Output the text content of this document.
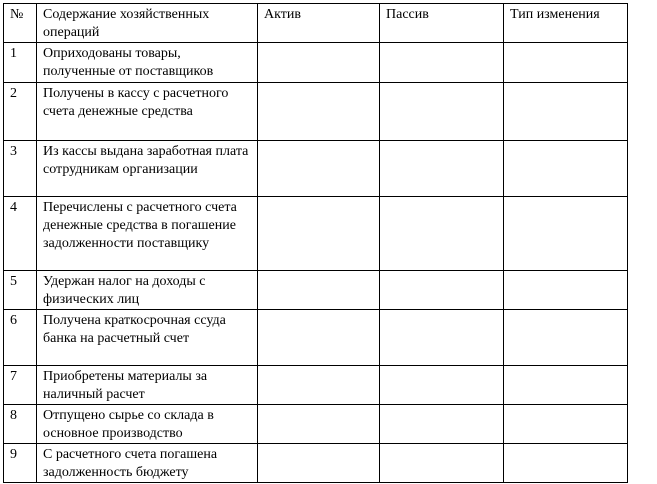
№	Содержание хозяйственных операций	Актив	Пассив	Тип изменения
1	Оприходованы товары, полученные от поставщиков			
2	Получены в кассу с расчетного счета денежные средства			
3	Из кассы выдана заработная плата сотрудникам организации			
4	Перечислены с расчетного счета денежные средства в погашение задолженности поставщику			
5	Удержан налог на доходы с физических лиц			
6	Получена краткосрочная ссуда банка на расчетный счет			
7	Приобретены материалы за наличный расчет			
8	Отпущено сырье со склада в основное производство			
9	С расчетного счета погашена задолженность бюджету			
